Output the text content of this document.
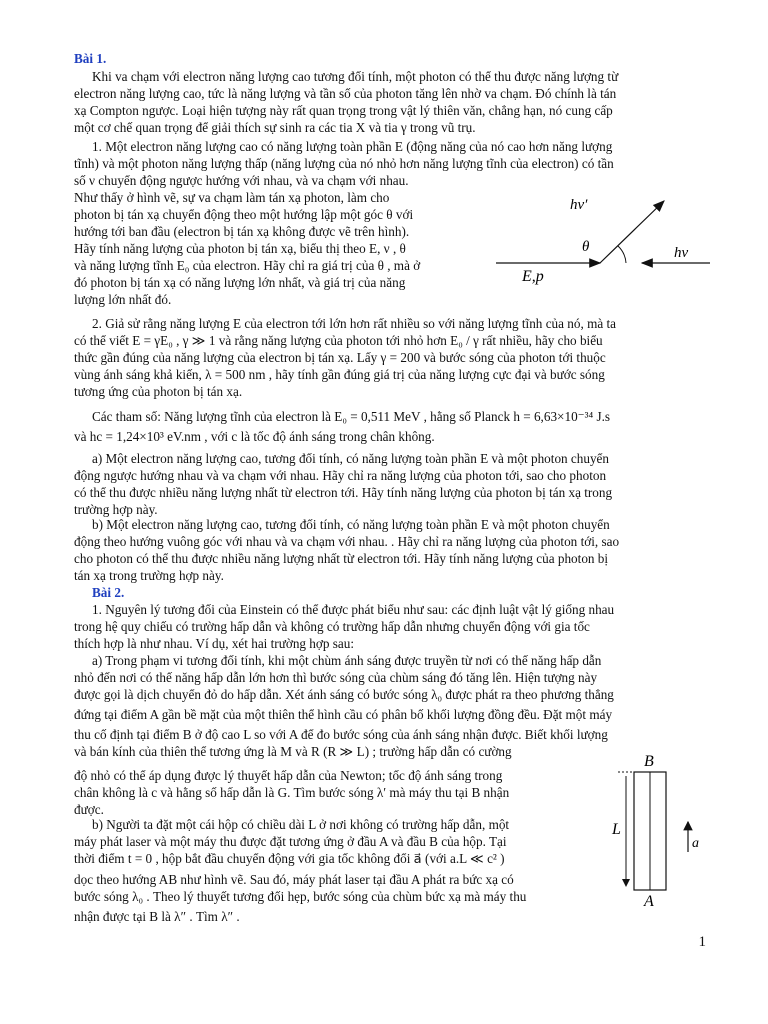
Bài 1.
Khi va chạm với electron năng lượng cao tương đối tính, một photon có thể thu được năng lượng từ
electron năng lượng cao, tức là năng lượng và tần số của photon tăng lên nhờ va chạm. Đó chính là tán
xạ Compton ngược. Loại hiện tượng này rất quan trọng trong vật lý thiên văn, chẳng hạn, nó cung cấp
một cơ chế quan trọng để giải thích sự sinh ra các tia X và tia γ trong vũ trụ.
1. Một electron năng lượng cao có năng lượng toàn phần E (động năng của nó cao hơn năng lượng
tĩnh) và một photon năng lượng thấp (năng lượng của nó nhỏ hơn năng lượng tĩnh của electron) có tần
số ν chuyển động ngược hướng với nhau, và va chạm với nhau.
Như thấy ở hình vẽ, sự va chạm làm tán xạ photon, làm cho
photon bị tán xạ chuyển động theo một hướng lập một góc θ với
hướng tới ban đầu (electron bị tán xạ không được vẽ trên hình).
Hãy tính năng lượng của photon bị tán xạ, biểu thị theo E, ν , θ
và năng lượng tĩnh E₀ của electron. Hãy chỉ ra giá trị của θ , mà ở
đó photon bị tán xạ có năng lượng lớn nhất, và giá trị của năng
lượng lớn nhất đó.
hν′
θ	hν
E,p
2. Giả sử rằng năng lượng E của electron tới lớn hơn rất nhiều so với năng lượng tĩnh của nó, mà ta
có thể viết E = γE₀ , γ ≫ 1 và rằng năng lượng của photon tới nhỏ hơn E₀ / γ rất nhiều, hãy cho biểu
thức gần đúng của năng lượng của electron bị tán xạ. Lấy γ = 200 và bước sóng của photon tới thuộc
vùng ánh sáng khả kiến, λ = 500 nm , hãy tính gần đúng giá trị của năng lượng cực đại và bước sóng
tương ứng của photon bị tán xạ.
Các tham số: Năng lượng tĩnh của electron là E₀ = 0,511 MeV , hằng số Planck h = 6,63×10⁻³⁴ J.s
và hc = 1,24×10³ eV.nm , với c là tốc độ ánh sáng trong chân không.
a) Một electron năng lượng cao, tương đối tính, có năng lượng toàn phần E và một photon chuyển
động ngược hướng nhau và va chạm với nhau. Hãy chỉ ra năng lượng của photon tới, sao cho photon
có thể thu được nhiều năng lượng nhất từ electron tới. Hãy tính năng lượng của photon bị tán xạ trong
trường hợp này.
b) Một electron năng lượng cao, tương đối tính, có năng lượng toàn phần E và một photon chuyển
động theo hướng vuông góc với nhau và va chạm với nhau. . Hãy chỉ ra năng lượng của photon tới, sao
cho photon có thể thu được nhiều năng lượng nhất từ electron tới. Hãy tính năng lượng của photon bị
tán xạ trong trường hợp này.
Bài 2.
1. Nguyên lý tương đối của Einstein có thể được phát biểu như sau: các định luật vật lý giống nhau
trong hệ quy chiếu có trường hấp dẫn và không có trường hấp dẫn nhưng chuyển động với gia tốc
thích hợp là như nhau. Ví dụ, xét hai trường hợp sau:
a) Trong phạm vi tương đối tính, khi một chùm ánh sáng được truyền từ nơi có thế năng hấp dẫn
nhỏ đến nơi có thế năng hấp dẫn lớn hơn thì bước sóng của chùm sáng đó tăng lên. Hiện tượng này
được gọi là dịch chuyển đỏ do hấp dẫn. Xét ánh sáng có bước sóng λ₀ được phát ra theo phương thẳng
đứng tại điểm A gần bề mặt của một thiên thể hình cầu có phân bố khối lượng đồng đều. Đặt một máy
thu cố định tại điểm B ở độ cao L so với A để đo bước sóng của ánh sáng nhận được. Biết khối lượng
và bán kính của thiên thể tương ứng là M và R (R ≫ L) ; trường hấp dẫn có cường
độ nhỏ có thể áp dụng được lý thuyết hấp dẫn của Newton; tốc độ ánh sáng trong
chân không là c và hằng số hấp dẫn là G. Tìm bước sóng λ′ mà máy thu tại B nhận
được.
b) Người ta đặt một cái hộp có chiều dài L ở nơi không có trường hấp dẫn, một
máy phát laser và một máy thu được đặt tương ứng ở đầu A và đầu B của hộp. Tại
thời điểm t = 0 , hộp bắt đầu chuyển động với gia tốc không đổi a⃗ (với a.L ≪ c² )
dọc theo hướng AB như hình vẽ. Sau đó, máy phát laser tại đầu A phát ra bức xạ có
bước sóng λ₀ . Theo lý thuyết tương đối hẹp, bước sóng của chùm bức xạ mà máy thu
nhận được tại B là λ″ . Tìm λ″ .
B
A
L
a⃗
1
